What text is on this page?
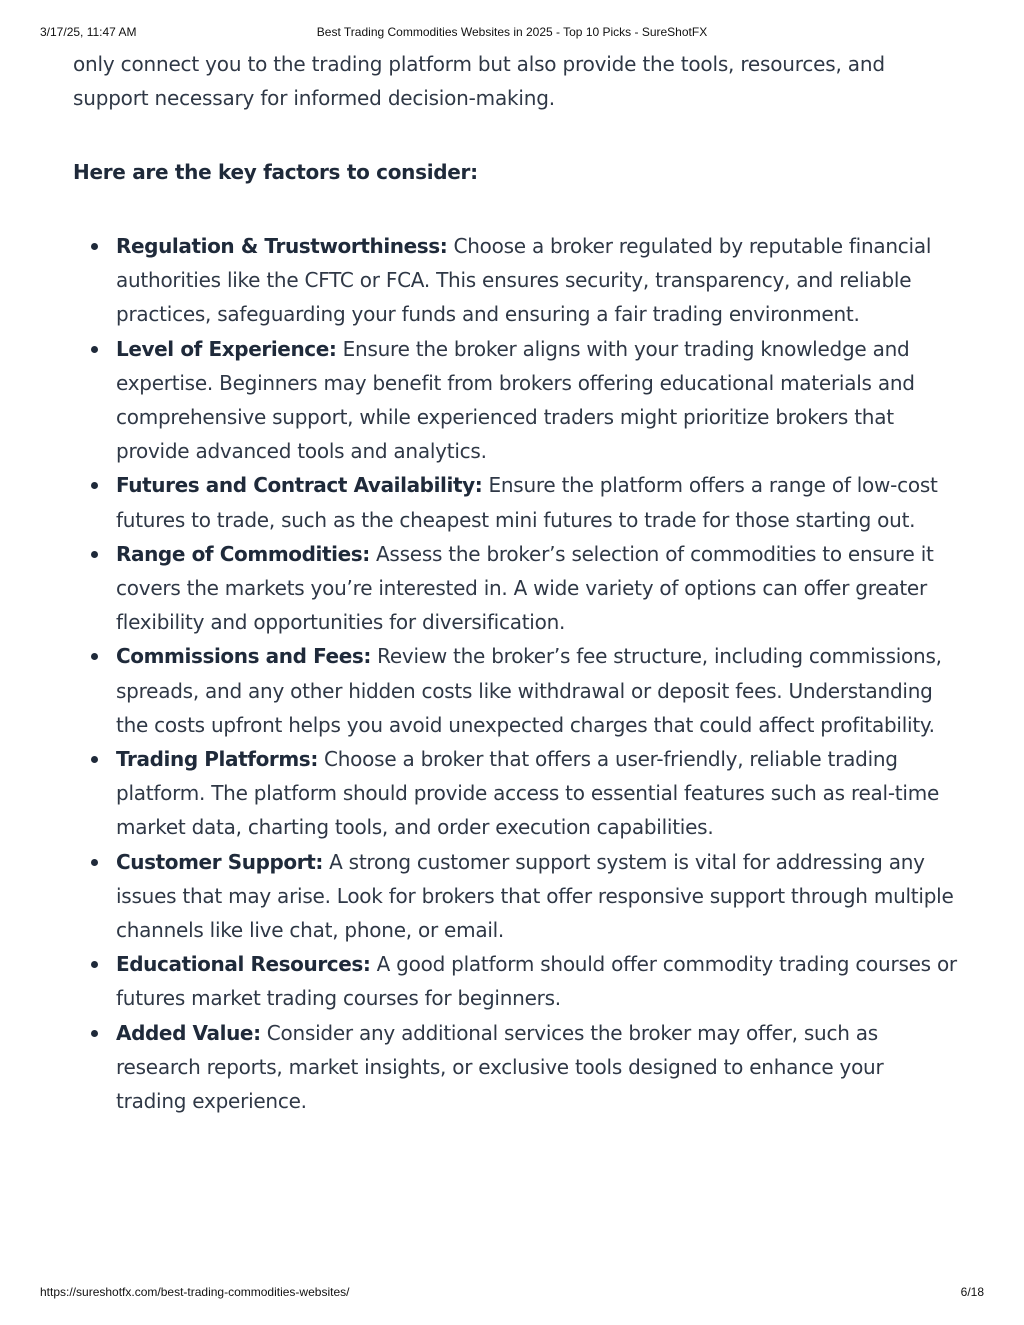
3/17/25, 11:47 AM	Best Trading Commodities Websites in 2025 - Top 10 Picks - SureShotFX

only connect you to the trading platform but also provide the tools, resources, and support necessary for informed decision-making.

Here are the key factors to consider:

Regulation & Trustworthiness: Choose a broker regulated by reputable financial authorities like the CFTC or FCA. This ensures security, transparency, and reliable practices, safeguarding your funds and ensuring a fair trading environment.
Level of Experience: Ensure the broker aligns with your trading knowledge and expertise. Beginners may benefit from brokers offering educational materials and comprehensive support, while experienced traders might prioritize brokers that provide advanced tools and analytics.
Futures and Contract Availability: Ensure the platform offers a range of low-cost futures to trade, such as the cheapest mini futures to trade for those starting out.
Range of Commodities: Assess the broker’s selection of commodities to ensure it covers the markets you’re interested in. A wide variety of options can offer greater flexibility and opportunities for diversification.
Commissions and Fees: Review the broker’s fee structure, including commissions, spreads, and any other hidden costs like withdrawal or deposit fees. Understanding the costs upfront helps you avoid unexpected charges that could affect profitability.
Trading Platforms: Choose a broker that offers a user-friendly, reliable trading platform. The platform should provide access to essential features such as real-time market data, charting tools, and order execution capabilities.
Customer Support: A strong customer support system is vital for addressing any issues that may arise. Look for brokers that offer responsive support through multiple channels like live chat, phone, or email.
Educational Resources: A good platform should offer commodity trading courses or futures market trading courses for beginners.
Added Value: Consider any additional services the broker may offer, such as research reports, market insights, or exclusive tools designed to enhance your trading experience.
https://sureshotfx.com/best-trading-commodities-websites/	6/18
